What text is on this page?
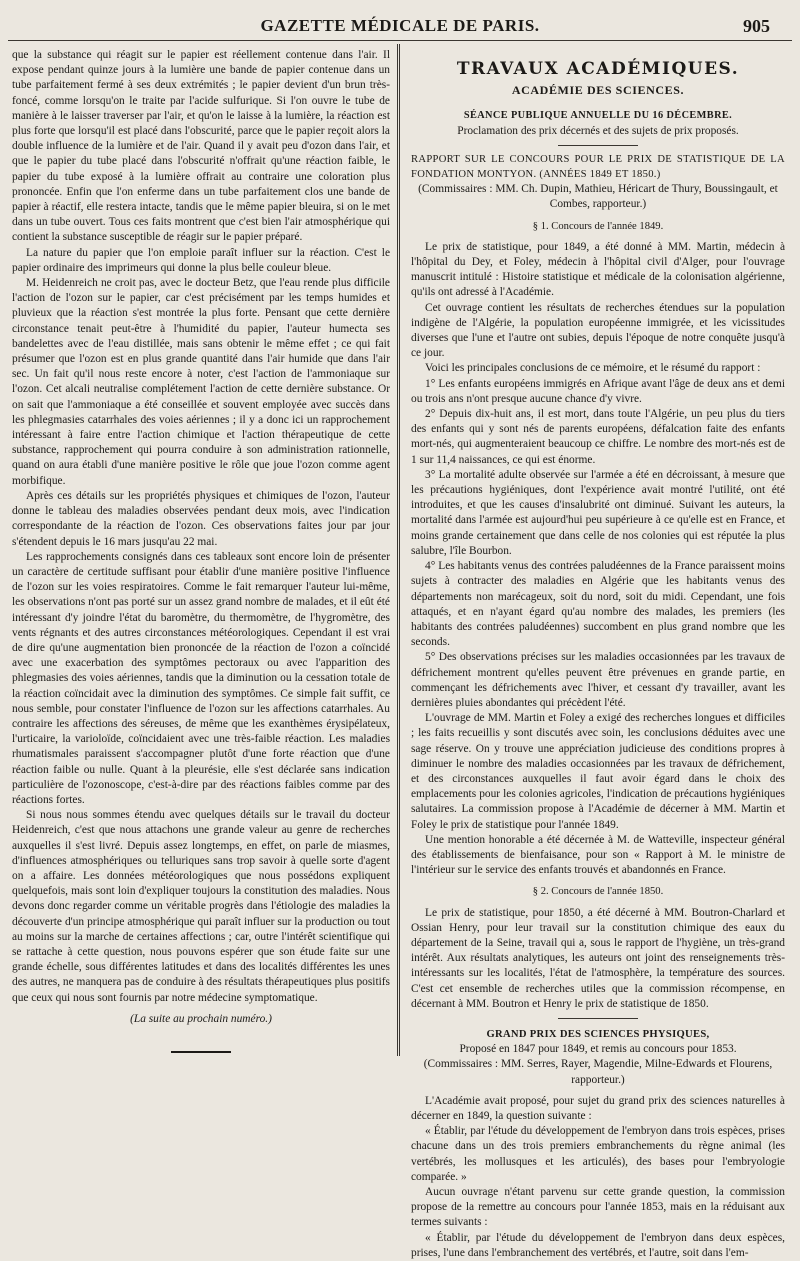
GAZETTE MÉDICALE DE PARIS.	905

que la substance qui réagit sur le papier est réellement contenue dans l'air. Il expose pendant quinze jours à la lumière une bande de papier contenue dans un tube parfaitement fermé à ses deux extrémités ; le papier devient d'un brun très-foncé, comme lorsqu'on le traite par l'acide sulfurique. Si l'on ouvre le tube de manière à le laisser traverser par l'air, et qu'on le laisse à la lumière, la réaction est plus forte que lorsqu'il est placé dans l'obscurité, parce que le papier reçoit alors la double influence de la lumière et de l'air. Quand il y avait peu d'ozon dans l'air, et que le papier du tube placé dans l'obscurité n'offrait qu'une réaction faible, le papier du tube exposé à la lumière offrait au contraire une coloration plus prononcée. Enfin que l'on enferme dans un tube parfaitement clos une bande de papier à réactif, elle restera intacte, tandis que le même papier bleuira, si on le met dans un tube ouvert. Tous ces faits montrent que c'est bien l'air atmosphérique qui contient la substance susceptible de réagir sur le papier préparé.

La nature du papier que l'on emploie paraît influer sur la réaction. C'est le papier ordinaire des imprimeurs qui donne la plus belle couleur bleue.

M. Heidenreich ne croit pas, avec le docteur Betz, que l'eau rende plus difficile l'action de l'ozon sur le papier, car c'est précisément par les temps humides et pluvieux que la réaction s'est montrée la plus forte. Pensant que cette dernière circonstance tenait peut-être à l'humidité du papier, l'auteur humecta ses bandelettes avec de l'eau distillée, mais sans obtenir le même effet ; ce qui fait présumer que l'ozon est en plus grande quantité dans l'air humide que dans l'air sec. Un fait qu'il nous reste encore à noter, c'est l'action de l'ammoniaque sur l'ozon. Cet alcali neutralise complétement l'action de cette dernière substance. Or on sait que l'ammoniaque a été conseillée et souvent employée avec succès dans les phlegmasies catarrhales des voies aériennes ; il y a donc ici un rapprochement intéressant à faire entre l'action chimique et l'action thérapeutique de cette substance, rapprochement qui pourra conduire à son administration rationnelle, quand on aura établi d'une manière positive le rôle que joue l'ozon comme agent morbifique.

Après ces détails sur les propriétés physiques et chimiques de l'ozon, l'auteur donne le tableau des maladies observées pendant deux mois, avec l'indication correspondante de la réaction de l'ozon. Ces observations faites jour par jour s'étendent depuis le 16 mars jusqu'au 22 mai.

Les rapprochements consignés dans ces tableaux sont encore loin de présenter un caractère de certitude suffisant pour établir d'une manière positive l'influence de l'ozon sur les voies respiratoires. Comme le fait remarquer l'auteur lui-même, les observations n'ont pas porté sur un assez grand nombre de malades, et il eût été intéressant d'y joindre l'état du baromètre, du thermomètre, de l'hygromètre, des vents régnants et des autres circonstances météorologiques. Cependant il est vrai de dire qu'une augmentation bien prononcée de la réaction de l'ozon a coïncidé avec une exacerbation des symptômes pectoraux ou avec l'apparition des phlegmasies des voies aériennes, tandis que la diminution ou la cessation totale de la réaction coïncidait avec la diminution des symptômes. Ce simple fait suffit, ce nous semble, pour constater l'influence de l'ozon sur les affections catarrhales. Au contraire les affections des séreuses, de même que les exanthèmes érysipélateux, l'urticaire, la varioloïde, coïncidaient avec une très-faible réaction. Les maladies rhumatismales paraissent s'accompagner plutôt d'une forte réaction que d'une réaction faible ou nulle. Quant à la pleurésie, elle s'est déclarée sans indication particulière de l'ozonoscope, c'est-à-dire par des réactions faibles comme par des réactions fortes.

Si nous nous sommes étendu avec quelques détails sur le travail du docteur Heidenreich, c'est que nous attachons une grande valeur au genre de recherches auxquelles il s'est livré. Depuis assez longtemps, en effet, on parle de miasmes, d'influences atmosphériques ou telluriques sans trop savoir à quelle sorte d'agent on a affaire. Les données météorologiques que nous possédons expliquent quelquefois, mais sont loin d'expliquer toujours la constitution des maladies. Nous devons donc regarder comme un véritable progrès dans l'étiologie des maladies la découverte d'un principe atmosphérique qui paraît influer sur la production ou tout au moins sur la marche de certaines affections ; car, outre l'intérêt scientifique qui se rattache à cette question, nous pouvons espérer que son étude faite sur une grande échelle, sous différentes latitudes et dans des localités différentes les unes des autres, ne manquera pas de conduire à des résultats thérapeutiques plus positifs que ceux qui nous sont fournis par notre médecine symptomatique.

(La suite au prochain numéro.)

TRAVAUX ACADÉMIQUES.
ACADÉMIE DES SCIENCES.

SÉANCE PUBLIQUE ANNUELLE DU 16 DÉCEMBRE.

Proclamation des prix décernés et des sujets de prix proposés.

RAPPORT SUR LE CONCOURS POUR LE PRIX DE STATISTIQUE DE LA FONDATION MONTYON. (ANNÉES 1849 ET 1850.)

(Commissaires : MM. Ch. Dupin, Mathieu, Héricart de Thury, Boussingault, et Combes, rapporteur.)

§ 1. Concours de l'année 1849.

Le prix de statistique, pour 1849, a été donné à MM. Martin, médecin à l'hôpital du Dey, et Foley, médecin à l'hôpital civil d'Alger, pour l'ouvrage manuscrit intitulé : Histoire statistique et médicale de la colonisation algérienne, qu'ils ont adressé à l'Académie.

Cet ouvrage contient les résultats de recherches étendues sur la population indigène de l'Algérie, la population européenne immigrée, et les vicissitudes diverses que l'une et l'autre ont subies, depuis l'époque de notre conquête jusqu'à ce jour.

Voici les principales conclusions de ce mémoire, et le résumé du rapport :

1° Les enfants européens immigrés en Afrique avant l'âge de deux ans et demi ou trois ans n'ont presque aucune chance d'y vivre.

2° Depuis dix-huit ans, il est mort, dans toute l'Algérie, un peu plus du tiers des enfants qui y sont nés de parents européens, défalcation faite des enfants mort-nés, qui augmenteraient beaucoup ce chiffre. Le nombre des mort-nés est de 1 sur 11,4 naissances, ce qui est énorme.

3° La mortalité adulte observée sur l'armée a été en décroissant, à mesure que les précautions hygiéniques, dont l'expérience avait montré l'utilité, ont été introduites, et que les causes d'insalubrité ont diminué. Suivant les auteurs, la mortalité dans l'armée est aujourd'hui peu supérieure à ce qu'elle est en France, et moins grande certainement que dans celle de nos colonies qui est réputée la plus salubre, l'île Bourbon.

4° Les habitants venus des contrées paludéennes de la France paraissent moins sujets à contracter des maladies en Algérie que les habitants venus des départements non marécageux, soit du nord, soit du midi. Cependant, une fois attaqués, et en n'ayant égard qu'au nombre des malades, les premiers (les habitants des contrées paludéennes) succombent en plus grand nombre que les seconds.

5° Des observations précises sur les maladies occasionnées par les travaux de défrichement montrent qu'elles peuvent être prévenues en grande partie, en commençant les défrichements avec l'hiver, et cessant d'y travailler, avant les dernières pluies abondantes qui précèdent l'été.

L'ouvrage de MM. Martin et Foley a exigé des recherches longues et difficiles ; les faits recueillis y sont discutés avec soin, les conclusions déduites avec une sage réserve. On y trouve une appréciation judicieuse des conditions propres à diminuer le nombre des maladies occasionnées par les travaux de défrichement, et des circonstances auxquelles il faut avoir égard dans le choix des emplacements pour les colonies agricoles, l'indication de précautions hygiéniques salutaires. La commission propose à l'Académie de décerner à MM. Martin et Foley le prix de statistique pour l'année 1849.

Une mention honorable a été décernée à M. de Watteville, inspecteur général des établissements de bienfaisance, pour son « Rapport à M. le ministre de l'intérieur sur le service des enfants trouvés et abandonnés en France.

§ 2. Concours de l'année 1850.

Le prix de statistique, pour 1850, a été décerné à MM. Boutron-Charlard et Ossian Henry, pour leur travail sur la constitution chimique des eaux du département de la Seine, travail qui a, sous le rapport de l'hygiène, un très-grand intérêt. Aux résultats analytiques, les auteurs ont joint des renseignements très-intéressants sur les localités, l'état de l'atmosphère, la température des sources. C'est cet ensemble de recherches utiles que la commission récompense, en décernant à MM. Boutron et Henry le prix de statistique de 1850.

GRAND PRIX DES SCIENCES PHYSIQUES,

Proposé en 1847 pour 1849, et remis au concours pour 1853.

(Commissaires : MM. Serres, Rayer, Magendie, Milne-Edwards et Flourens, rapporteur.)

L'Académie avait proposé, pour sujet du grand prix des sciences naturelles à décerner en 1849, la question suivante :

« Établir, par l'étude du développement de l'embryon dans trois espèces, prises chacune dans un des trois premiers embranchements du règne animal (les vertébrés, les mollusques et les articulés), des bases pour l'embryologie comparée. »

Aucun ouvrage n'étant parvenu sur cette grande question, la commission propose de la remettre au concours pour l'année 1853, mais en la réduisant aux termes suivants :

« Établir, par l'étude du développement de l'embryon dans deux espèces, prises, l'une dans l'embranchement des vertébrés, et l'autre, soit dans l'em-
